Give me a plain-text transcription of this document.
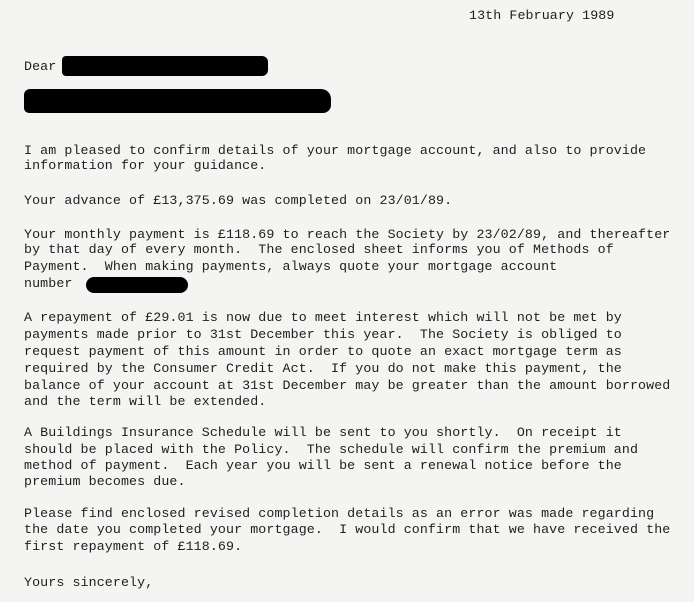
13th February 1989
Dear
I am pleased to confirm details of your mortgage account, and also to provide
information for your guidance.
Your advance of £13,375.69 was completed on 23/01/89.
Your monthly payment is £118.69 to reach the Society by 23/02/89, and thereafter
by that day of every month.  The enclosed sheet informs you of Methods of
Payment.  When making payments, always quote your mortgage account
number
A repayment of £29.01 is now due to meet interest which will not be met by
payments made prior to 31st December this year.  The Society is obliged to
request payment of this amount in order to quote an exact mortgage term as
required by the Consumer Credit Act.  If you do not make this payment, the
balance of your account at 31st December may be greater than the amount borrowed
and the term will be extended.
A Buildings Insurance Schedule will be sent to you shortly.  On receipt it
should be placed with the Policy.  The schedule will confirm the premium and
method of payment.  Each year you will be sent a renewal notice before the
premium becomes due.
Please find enclosed revised completion details as an error was made regarding
the date you completed your mortgage.  I would confirm that we have received the
first repayment of £118.69.
Yours sincerely,
